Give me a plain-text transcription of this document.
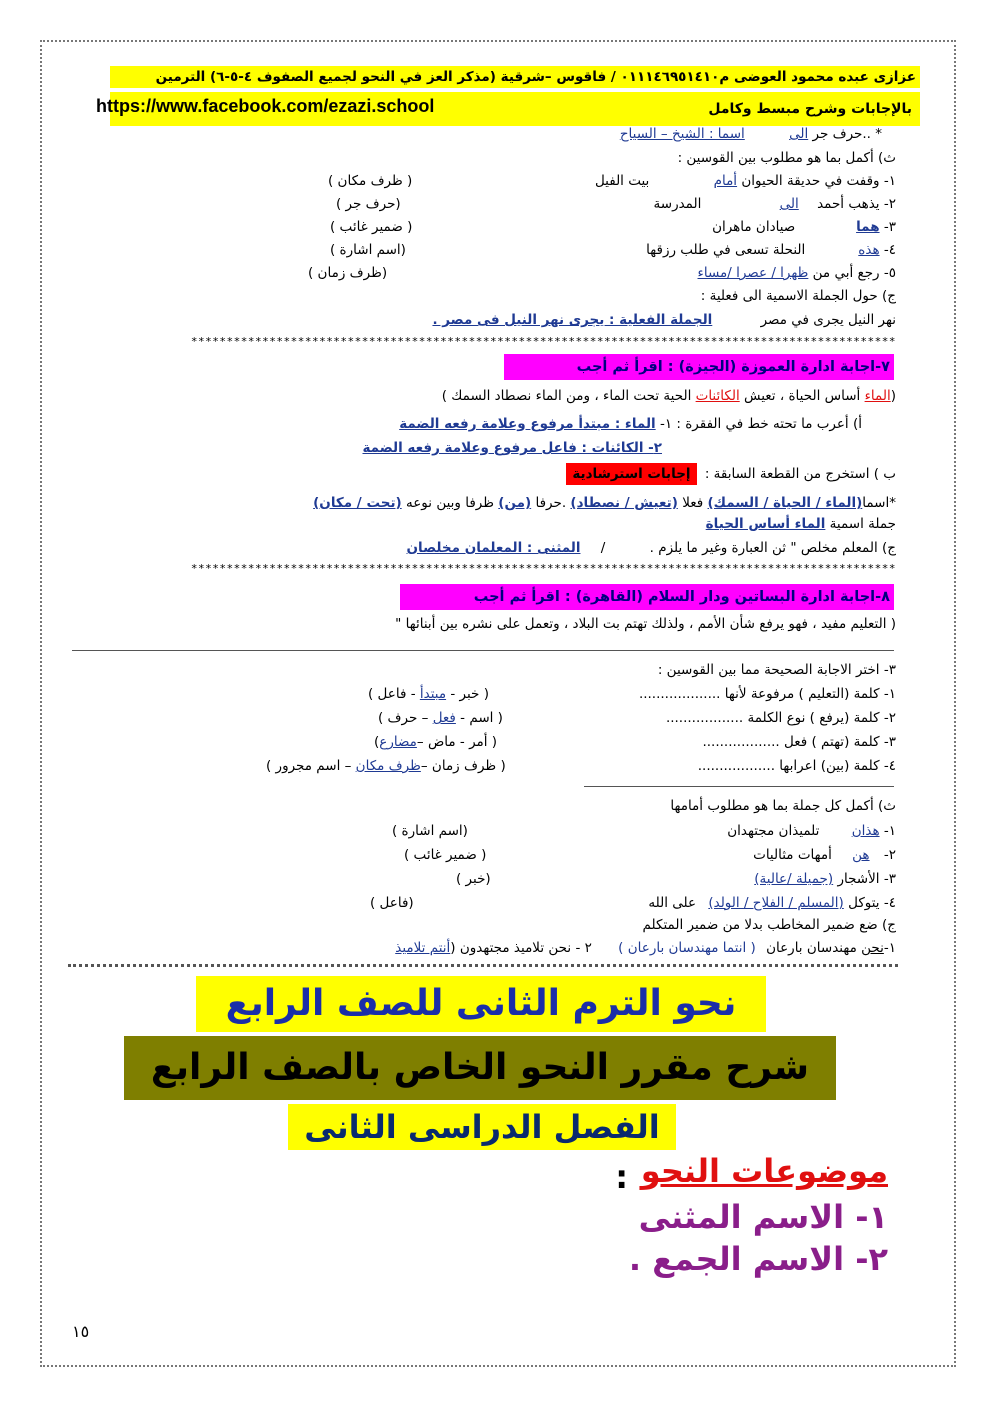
عزازى عبده محمود العوضى م٠١١١٤٦٩٥١٤١٠ / فاقوس –شرقية (مذكر العز في النحو لجميع الصفوف ٤-٥-٦) الترمين
https://www.facebook.com/ezazi.school	بالإجابات وشرح مبسط وكامل
* ..حرف جر الى اسما : الشيخ – السياح
ث) أكمل بما هو مطلوب بين القوسين :
١- وقفت في حديقة الحيوان أمام بيت الفيل
( ظرف مكان )
٢- يذهب أحمد الى المدرسة
(حرف جر )
٣- هما صيادان ماهران
( ضمير غائب )
٤- هذه النحلة تسعى في طلب رزقها
(اسم اشارة )
٥- رجع أبي من ظهرا / عصرا /مساء
(ظرف زمان )
ج) حول الجملة الاسمية الى فعلية :
نهر النيل يجرى في مصر الجملة الفعلية : يجرى نهر النيل فى مصر .
***************************************************************************************************
٧-اجابة ادارة العموزة (الجيزة) : اقرأ ثم أجب
(الماء أساس الحياة ، تعيش الكائنات الحية تحت الماء ، ومن الماء نصطاد السمك )
أ) أعرب ما تحته خط في الفقرة : ١- الماء : مبتدأ مرفوع وعلامة رفعه الضمة
٢- الكائنات : فاعل مرفوع وعلامة رفعه الضمة
ب ) استخرج من القطعة السابقة : إجابات استرشادية
*اسما(الماء / الحياة / السمك) فعلا (تعيش / نصطاد) .حرفا (من) ظرفا وبين نوعه (تحت / مكان)
جملة اسمية الماء أساس الحياة
ج) المعلم مخلص " ثن العبارة وغير ما يلزم . / المثنى : المعلمان مخلصان
***************************************************************************************************
٨-اجابة ادارة البساتين ودار السلام (القاهرة) : اقرأ ثم أجب
( التعليم مفيد ، فهو يرفع شأن الأمم ، ولذلك تهتم بت البلاد ، وتعمل على نشره بين أبنائها "
٣- اختر الاجابة الصحيحة مما بين القوسين :
١- كلمة (التعليم ) مرفوعة لأنها ...................
( خبر - مبتدأ - فاعل )
٢- كلمة (يرفع ) نوع الكلمة ..................
( اسم - فعل – حرف )
٣- كلمة (تهتم ) فعل ..................
( أمر - ماض –مضارع)
٤- كلمة (بين) اعرابها ..................
( ظرف زمان –ظرف مكان – اسم مجرور )
ث) أكمل كل جملة بما هو مطلوب أمامها
١- هذان تلميذان مجتهدان
(اسم اشارة )
٢- هن أمهات مثاليات
( ضمير غائب )
٣- الأشجار (جميلة /عالية)
(خبر )
٤- يتوكل (المسلم / الفلاح / الولد) على الله
(فاعل )
ج) ضع ضمير المخاطب بدلا من ضمير المتكلم
١-نحن مهندسان بارعان ( انتما مهندسان بارعان ) ٢ - نحن تلاميذ مجتهدون (أنتم تلاميذ
نحو الترم الثانى للصف الرابع
شرح مقرر النحو الخاص بالصف الرابع
الفصل الدراسى الثانى
موضوعات النحو
:
١- الاسم المثنى
٢- الاسم الجمع .
١٥
